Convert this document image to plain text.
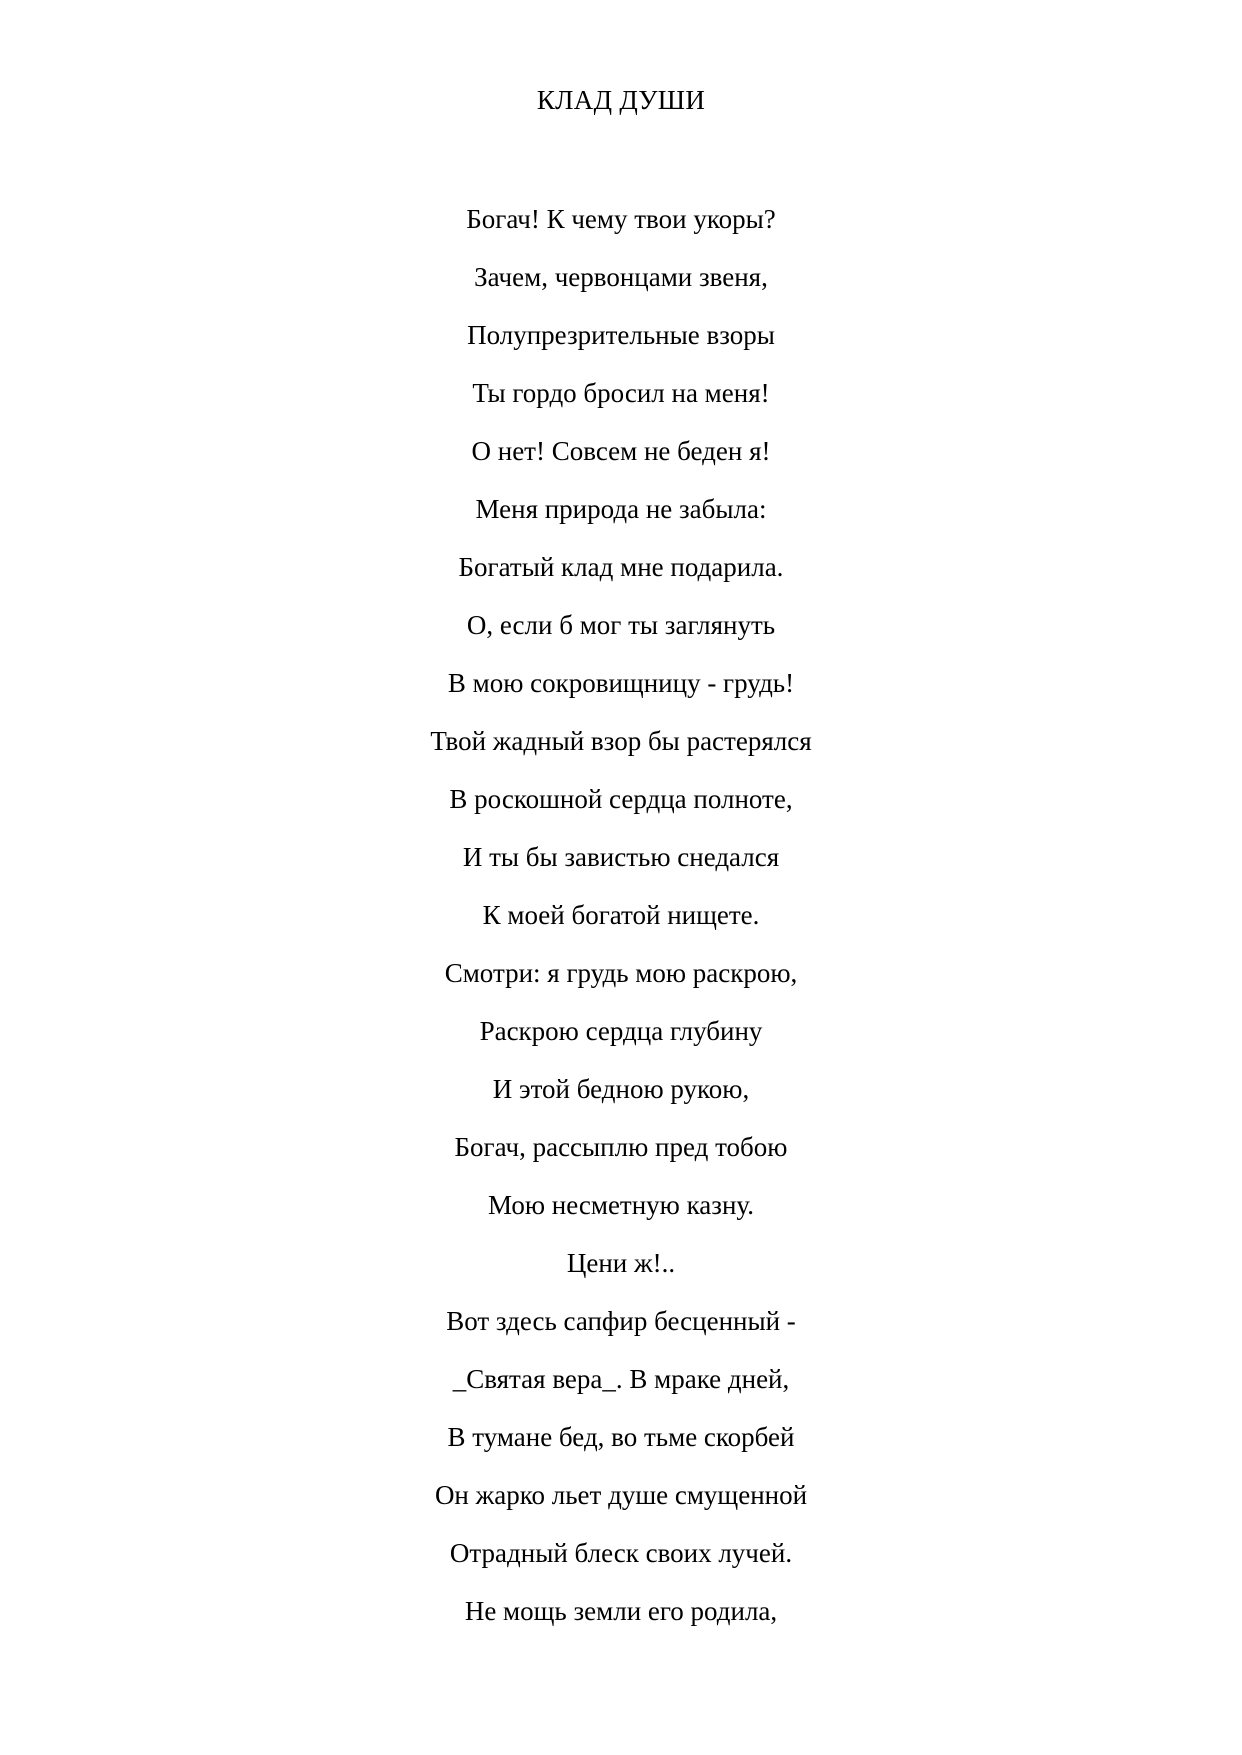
КЛАД ДУШИ
Богач! К чему твои укоры?
Зачем, червонцами звеня,
Полупрезрительные взоры
Ты гордо бросил на меня!
О нет! Совсем не беден я!
Меня природа не забыла:
Богатый клад мне подарила.
О, если б мог ты заглянуть
В мою сокровищницу - грудь!
Твой жадный взор бы растерялся
В роскошной сердца полноте,
И ты бы завистью снедался
К моей богатой нищете.
Смотри: я грудь мою раскрою,
Раскрою сердца глубину
И этой бедною рукою,
Богач, рассыплю пред тобою
Мою несметную казну.
Цени ж!..
Вот здесь сапфир бесценный -
_Святая вера_. В мраке дней,
В тумане бед, во тьме скорбей
Он жарко льет душе смущенной
Отрадный блеск своих лучей.
Не мощь земли его родила,
